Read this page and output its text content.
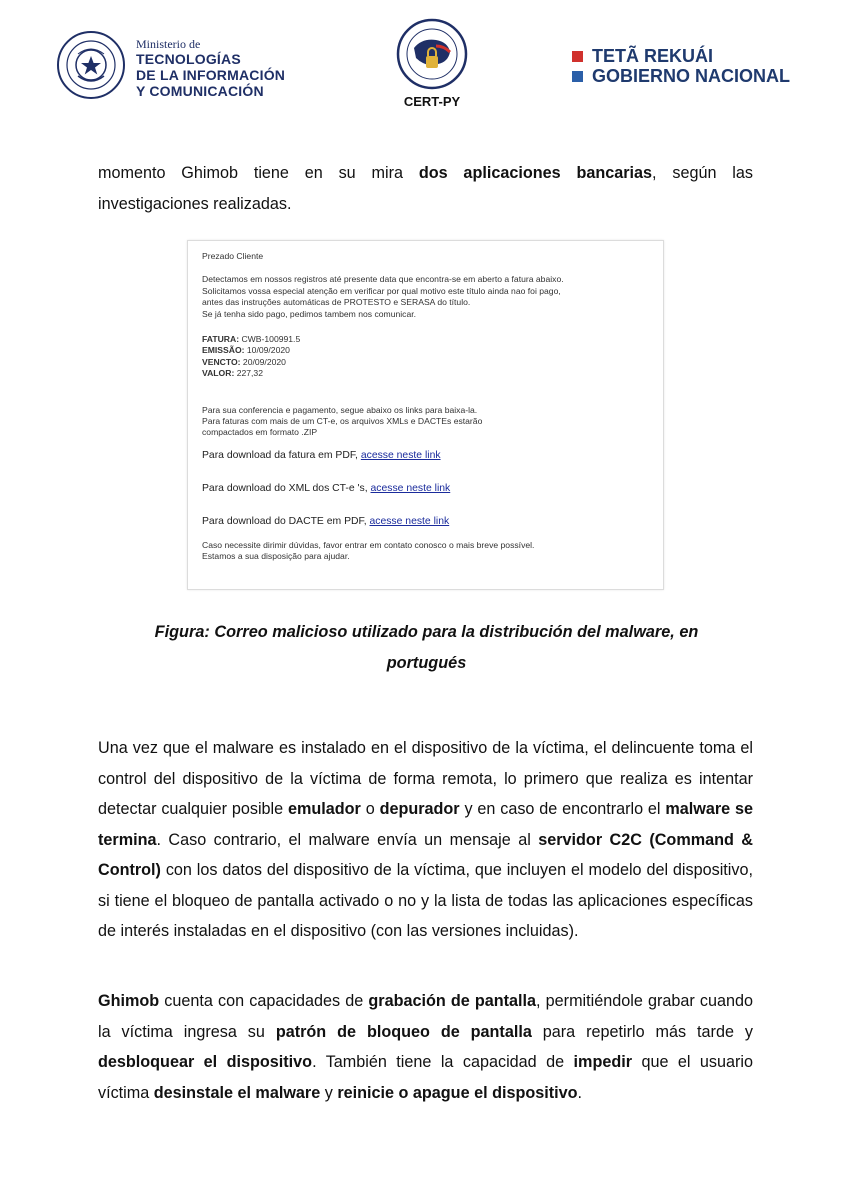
Ministerio de
TECNOLOGÍAS
DE LA INFORMACIÓN
Y COMUNICACIÓN
CERT-PY
TETÃ REKUÁI
GOBIERNO NACIONAL
momento Ghimob tiene en su mira dos aplicaciones bancarias, según las investigaciones realizadas.

Prezado Cliente

Detectamos em nossos registros até presente data que encontra-se em aberto a fatura abaixo.

Solicitamos vossa especial atenção em verificar por qual motivo este título ainda nao foi pago,

antes das instruções automáticas de PROTESTO e SERASA do título.

Se já tenha sido pago, pedimos tambem nos comunicar.

FATURA: CWB-100991.5

EMISSÃO: 10/09/2020

VENCTO: 20/09/2020

VALOR: 227,32

Para sua conferencia e pagamento, segue abaixo os links para baixa-la.

Para faturas com mais de um CT-e, os arquivos XMLs e DACTEs estarão

compactados em formato .ZIP

Para download da fatura em PDF, acesse neste link

Para download do XML dos CT-e 's, acesse neste link

Para download do DACTE em PDF, acesse neste link

Caso necessite dirimir dúvidas, favor entrar em contato conosco o mais breve possível.

Estamos a sua disposição para ajudar.

Figura: Correo malicioso utilizado para la distribución del malware, en
portugués
Una vez que el malware es instalado en el dispositivo de la víctima, el delincuente toma el control del dispositivo de la víctima de forma remota, lo primero que realiza es intentar detectar cualquier posible emulador o depurador y en caso de encontrarlo el malware se termina. Caso contrario, el malware envía un mensaje al servidor C2C (Command & Control) con los datos del dispositivo de la víctima, que incluyen el modelo del dispositivo, si tiene el bloqueo de pantalla activado o no y la lista de todas las aplicaciones específicas de interés instaladas en el dispositivo (con las versiones incluidas).
Ghimob cuenta con capacidades de grabación de pantalla, permitiéndole grabar cuando la víctima ingresa su patrón de bloqueo de pantalla para repetirlo más tarde y desbloquear el dispositivo. También tiene la capacidad de impedir que el usuario víctima desinstale el malware y reinicie o apague el dispositivo.
